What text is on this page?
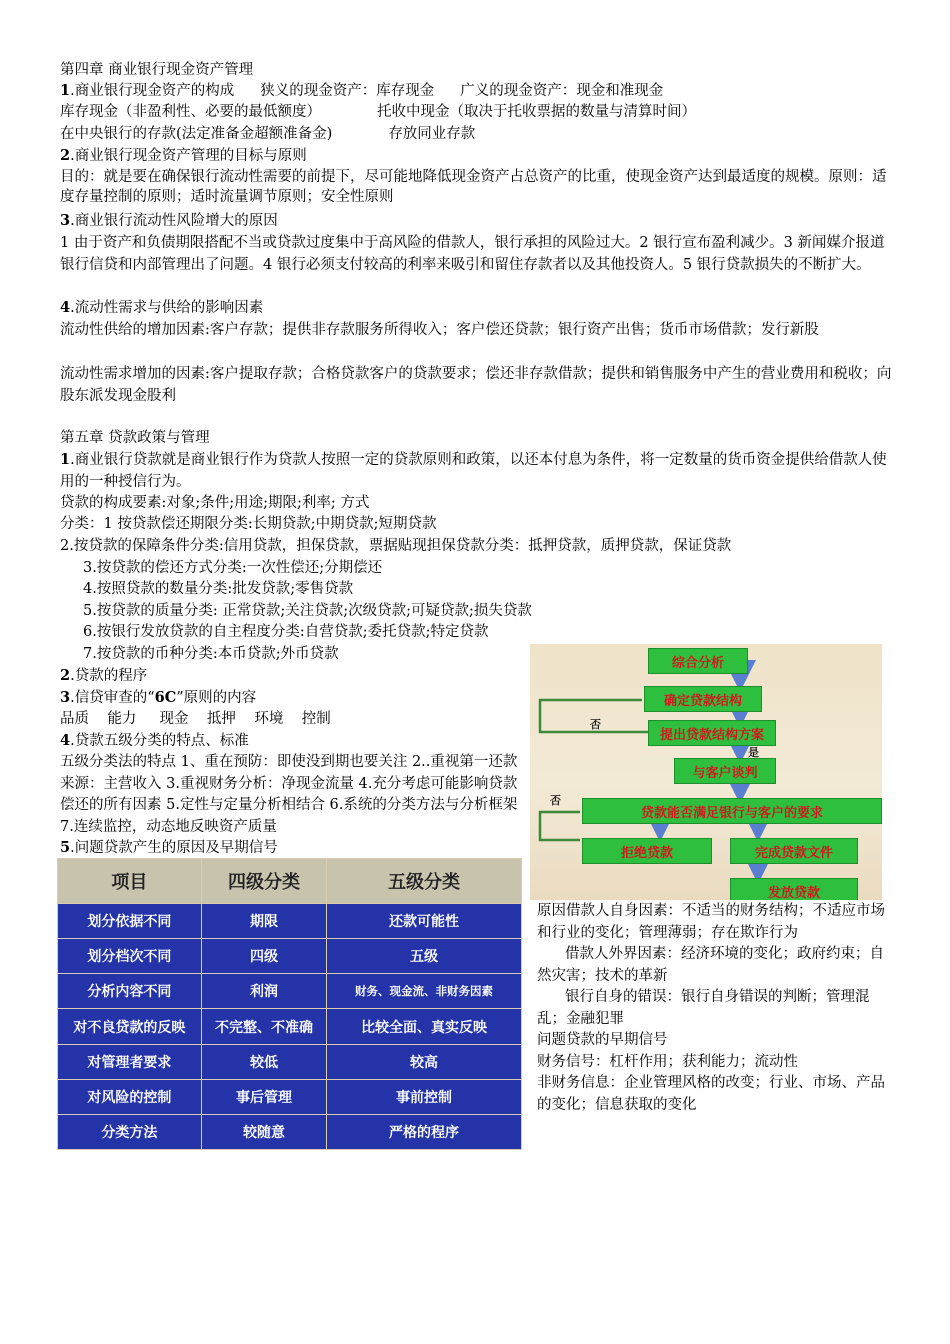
第四章 商业银行现金资产管理
1.商业银行现金资产的构成 狭义的现金资产：库存现金 广义的现金资产：现金和准现金
库存现金（非盈利性、必要的最低额度）	托收中现金（取决于托收票据的数量与清算时间）
在中央银行的存款(法定准备金超额准备金)	存放同业存款
2.商业银行现金资产管理的目标与原则
目的：就是要在确保银行流动性需要的前提下，尽可能地降低现金资产占总资产的比重，使现金资产达到最适度的规模。原则：适度存量控制的原则；适时流量调节原则；安全性原则
3.商业银行流动性风险增大的原因
1 由于资产和负债期限搭配不当或贷款过度集中于高风险的借款人，银行承担的风险过大。2 银行宣布盈利减少。3 新闻媒介报道银行信贷和内部管理出了问题。4 银行必须支付较高的利率来吸引和留住存款者以及其他投资人。5 银行贷款损失的不断扩大。
4.流动性需求与供给的影响因素
流动性供给的增加因素:客户存款；提供非存款服务所得收入；客户偿还贷款；银行资产出售；货币市场借款；发行新股
流动性需求增加的因素:客户提取存款；合格贷款客户的贷款要求；偿还非存款借款；提供和销售服务中产生的营业费用和税收；向股东派发现金股利
第五章 贷款政策与管理
1.商业银行贷款就是商业银行作为贷款人按照一定的贷款原则和政策，以还本付息为条件，将一定数量的货币资金提供给借款人使用的一种授信行为。
贷款的构成要素:对象;条件;用途;期限;利率; 方式
分类：1 按贷款偿还期限分类:长期贷款;中期贷款;短期贷款
2.按贷款的保障条件分类:信用贷款，担保贷款，票据贴现担保贷款分类：抵押贷款，质押贷款，保证贷款
3.按贷款的偿还方式分类:一次性偿还;分期偿还
4.按照贷款的数量分类:批发贷款;零售贷款
5.按贷款的质量分类: 正常贷款;关注贷款;次级贷款;可疑贷款;损失贷款
6.按银行发放贷款的自主程度分类:自营贷款;委托贷款;特定贷款
7.按贷款的币种分类:本币贷款;外币贷款
2.贷款的程序
3.信贷审查的“6C”原则的内容
品质    能力     现金    抵押    环境    控制
4.贷款五级分类的特点、标准
五级分类法的特点 1、重在预防：即使没到期也要关注 2..重视第一还款来源：主营收入 3.重视财务分析：净现金流量 4.充分考虑可能影响贷款偿还的所有因素 5.定性与定量分析相结合 6.系统的分类方法与分析框架 7.连续监控，动态地反映资产质量
5.问题贷款产生的原因及早期信号
综合分析
确定贷款结构
提出贷款结构方案
与客户谈判
贷款能否满足银行与客户的要求
拒绝贷款	完成贷款文件
发放贷款
否
是
否
项目	四级分类	五级分类
划分依据不同	期限	还款可能性
划分档次不同	四级	五级
分析内容不同	利润	财务、现金流、非财务因素
对不良贷款的反映	不完整、不准确	比较全面、真实反映
对管理者要求	较低	较高
对风险的控制	事后管理	事前控制
分类方法	较随意	严格的程序

原因借款人自身因素：不适当的财务结构；不适应市场和行业的变化；管理薄弱；存在欺诈行为

借款人外界因素：经济环境的变化；政府约束；自然灾害；技术的革新

银行自身的错误：银行自身错误的判断；管理混乱；金融犯罪

问题贷款的早期信号

财务信号：杠杆作用；获利能力；流动性

非财务信息：企业管理风格的改变；行业、市场、产品的变化；信息获取的变化
